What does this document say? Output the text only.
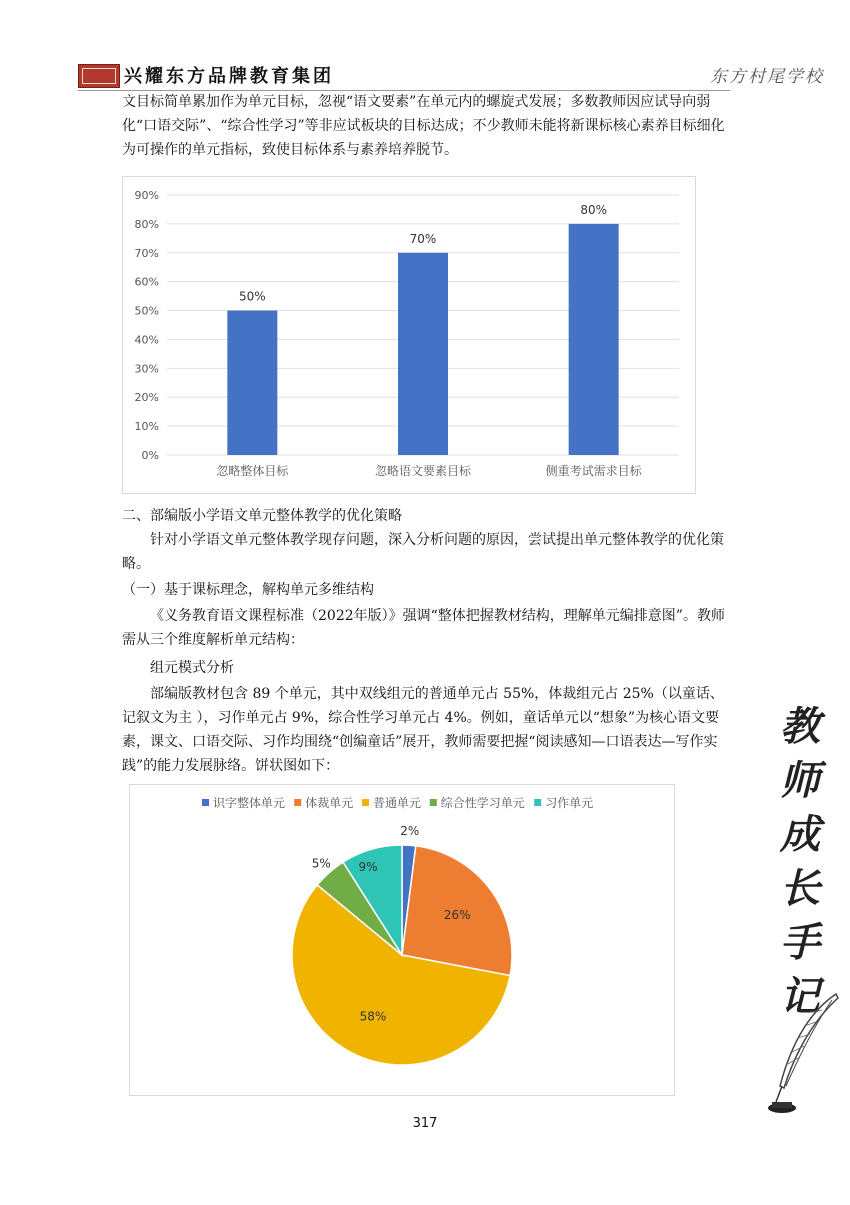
兴耀东方品牌教育集团	东方村尾学校
文目标简单累加作为单元目标，忽视“语文要素”在单元内的螺旋式发展；多数教师因应试导向弱化“口语交际”、“综合性学习”等非应试板块的目标达成；不少教师未能将新课标核心素养目标细化为可操作的单元指标，致使目标体系与素养培养脱节。
0%
10%
20%
30%
40%
50%
60%
70%
80%
90%
50%
忽略整体目标
70%
忽略语文要素目标
80%
侧重考试需求目标
二、部编版小学语文单元整体教学的优化策略
针对小学语文单元整体教学现存问题，深入分析问题的原因，尝试提出单元整体教学的优化策略。
（一）基于课标理念，解构单元多维结构
《义务教育语文课程标准（2022年版）》强调“整体把握教材结构，理解单元编排意图”。教师需从三个维度解析单元结构：
组元模式分析
部编版教材包含 89 个单元，其中双线组元的普通单元占 55%，体裁组元占 25%（以童话、记叙文为主 ），习作单元占 9%，综合性学习单元占 4%。例如，童话单元以“想象”为核心语文要素，课文、口语交际、习作均围绕“创编童话”展开，教师需要把握“阅读感知—口语表达—写作实践”的能力发展脉络。饼状图如下：
识字整体单元 体裁单元 普通单元 综合性学习单元 习作单元
2%
26%
58%
5% 9%
317
教
师
成
长
手
记
